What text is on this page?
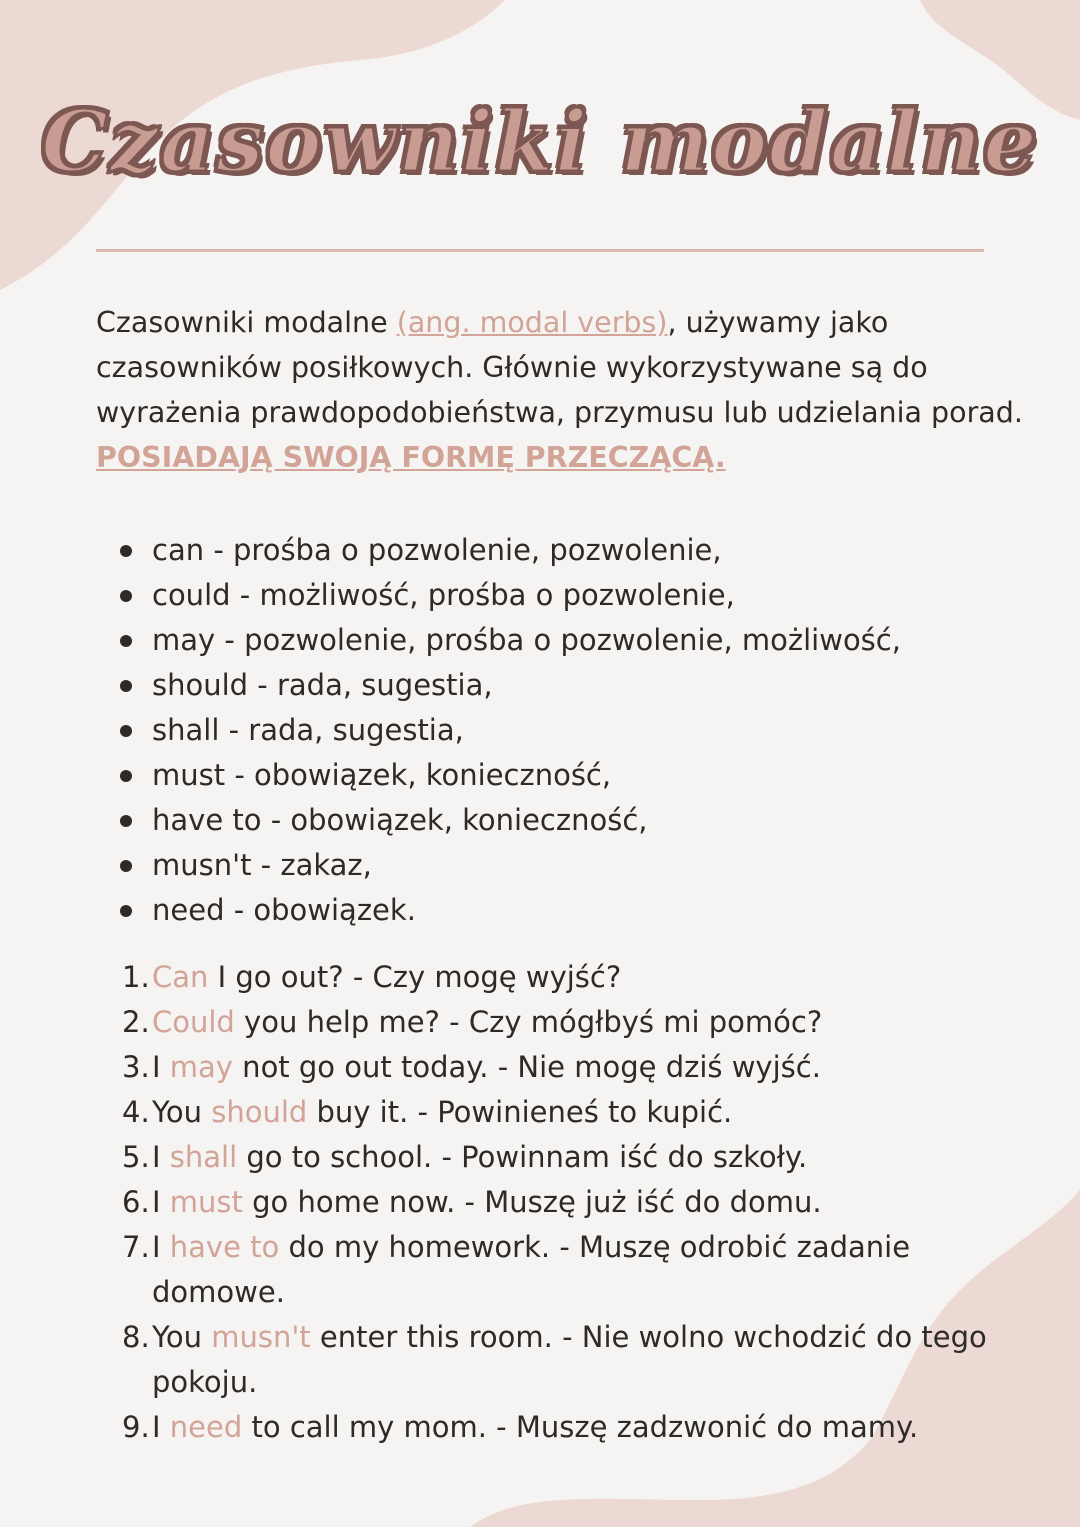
Czasowniki modalne

Czasowniki modalne (ang. modal verbs), używamy jako czasowników posiłkowych. Głównie wykorzystywane są do wyrażenia prawdopodobieństwa, przymusu lub udzielania porad. POSIADAJĄ SWOJĄ FORMĘ PRZECZĄCĄ.

can - prośba o pozwolenie, pozwolenie,
could - możliwość, prośba o pozwolenie,
may - pozwolenie, prośba o pozwolenie, możliwość,
should - rada, sugestia,
shall - rada, sugestia,
must - obowiązek, konieczność,
have to - obowiązek, konieczność,
musn't - zakaz,
need - obowiązek.
1. Can I go out? - Czy mogę wyjść?
2. Could you help me? - Czy mógłbyś mi pomóc?
3. I may not go out today. - Nie mogę dziś wyjść.
4. You should buy it. - Powinieneś to kupić.
5. I shall go to school. - Powinnam iść do szkoły.
6. I must go home now. - Muszę już iść do domu.
7. I have to do my homework. - Muszę odrobić zadanie domowe.
8. You musn't enter this room. - Nie wolno wchodzić do tego pokoju.
9. I need to call my mom. - Muszę zadzwonić do mamy.
